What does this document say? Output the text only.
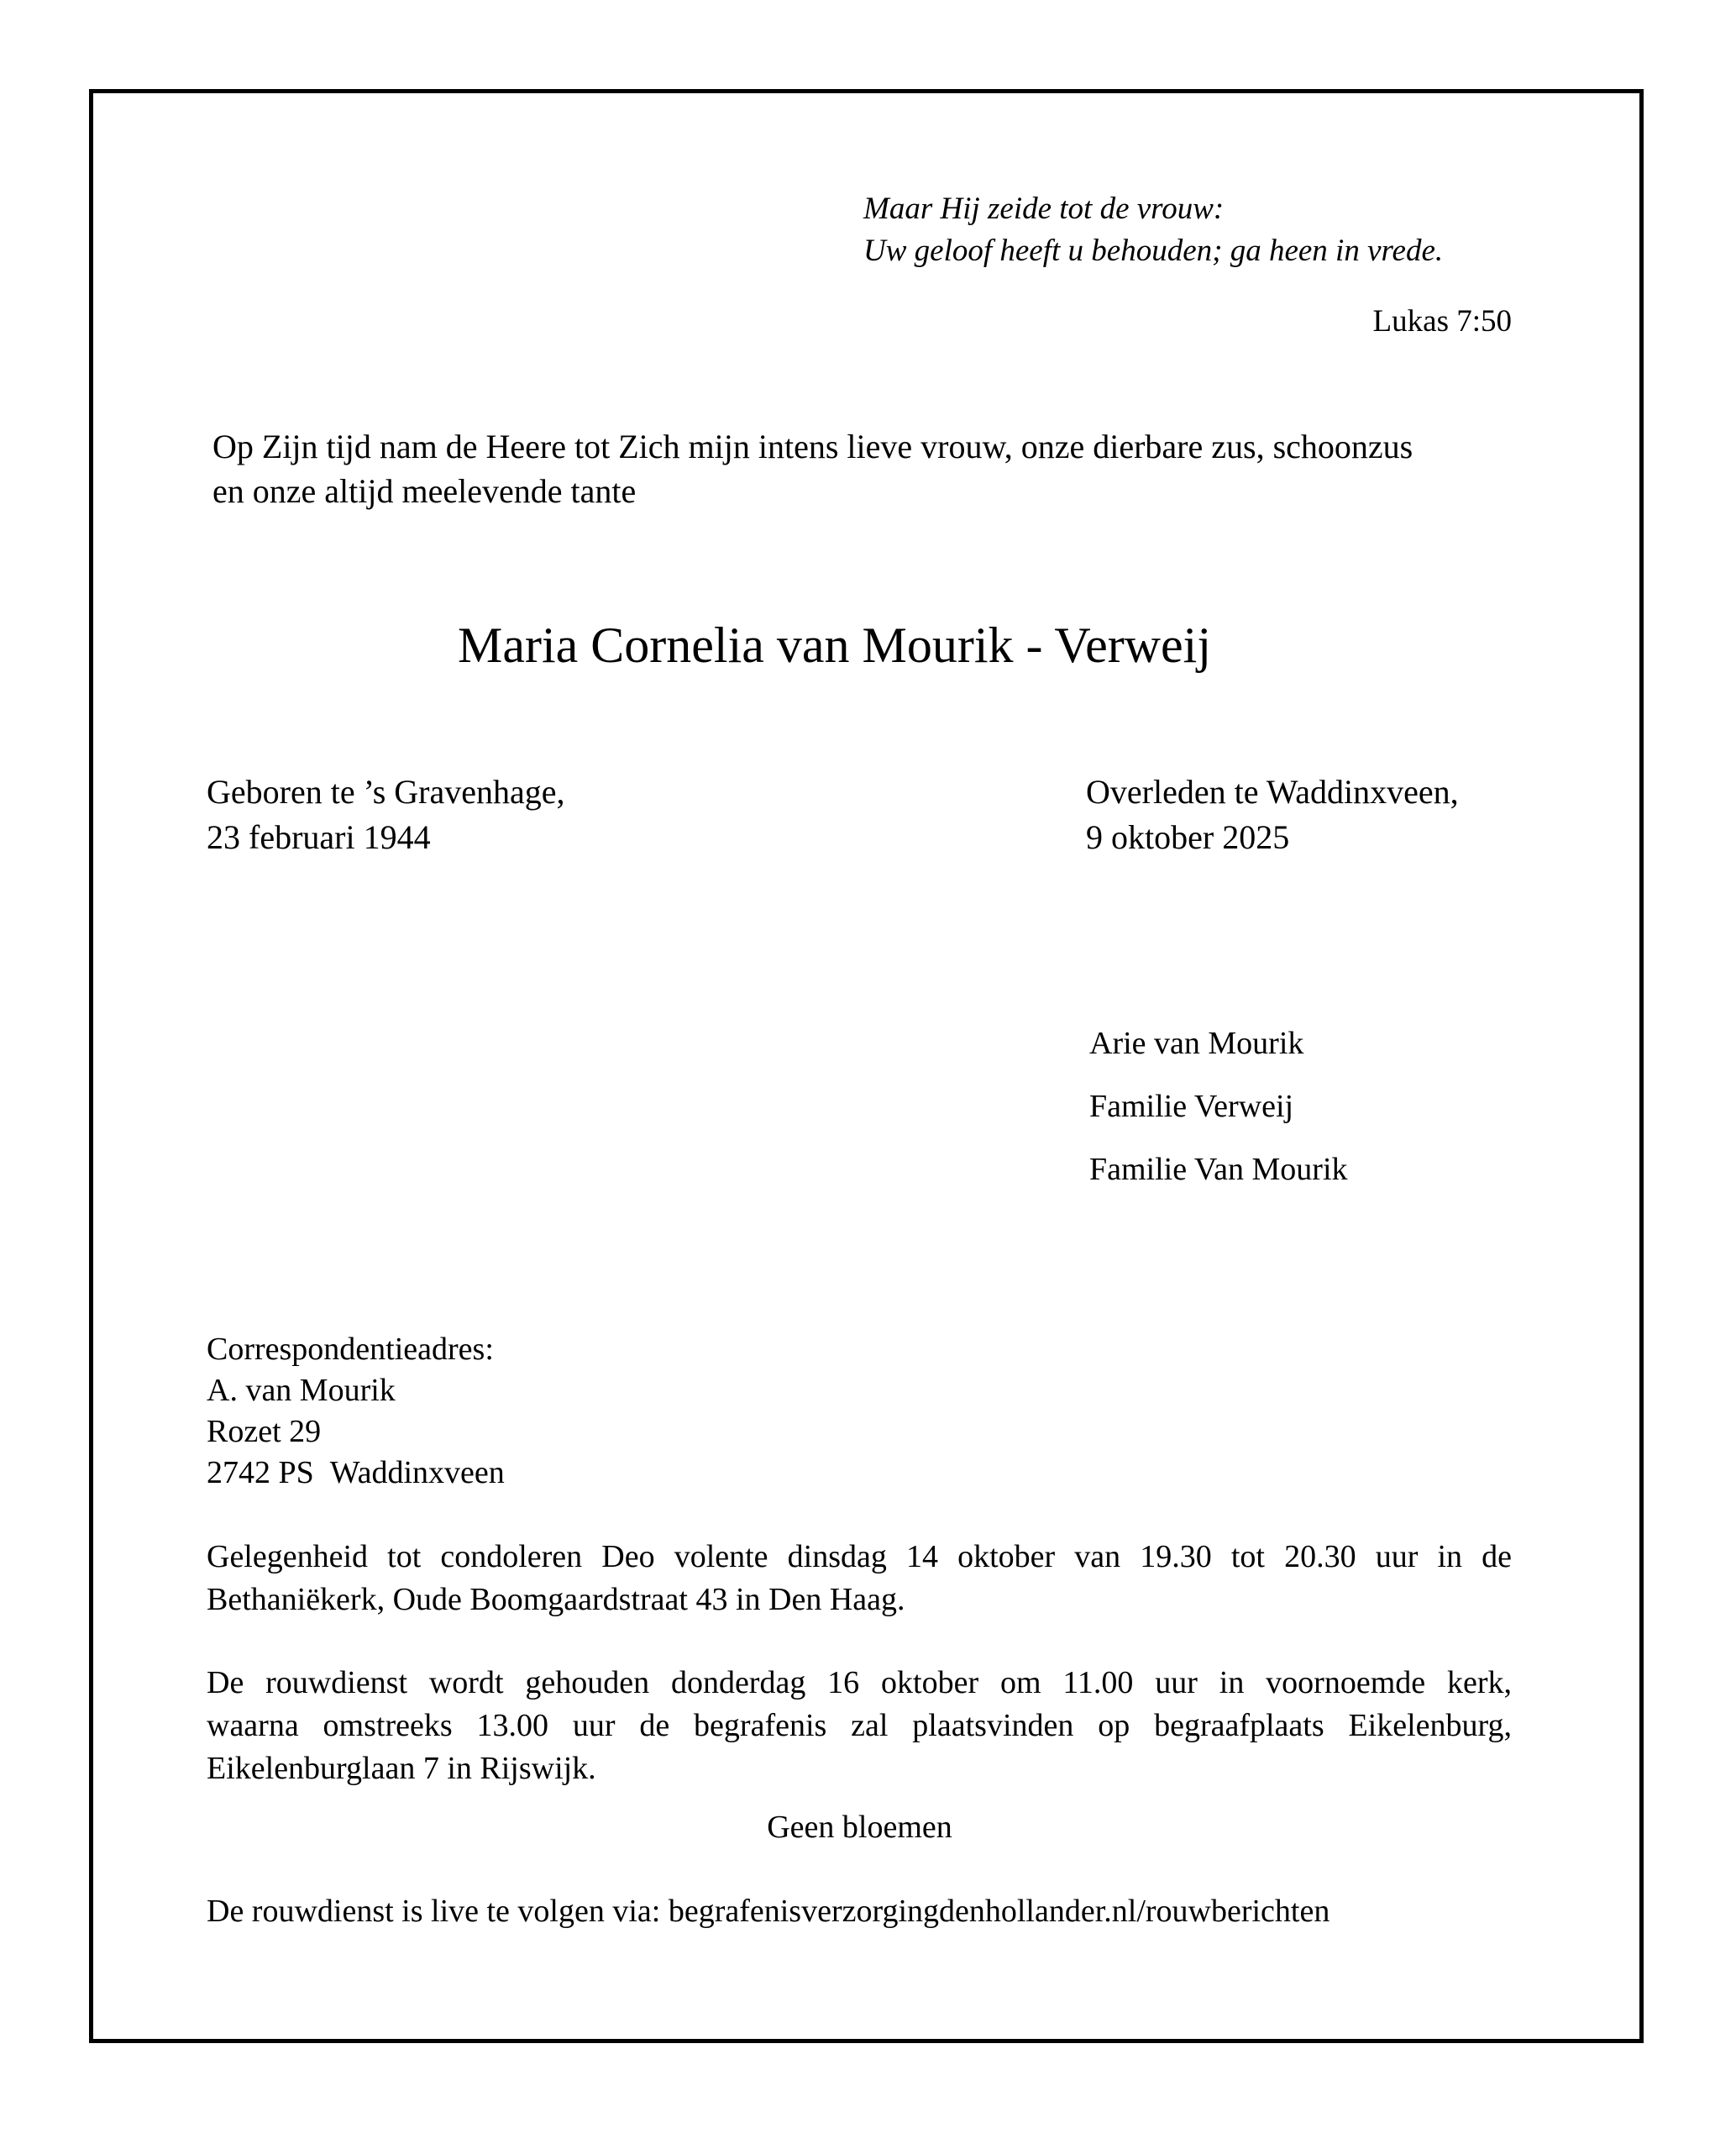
Maar Hij zeide tot de vrouw:
Uw geloof heeft u behouden; ga heen in vrede.
Lukas 7:50
Op Zijn tijd nam de Heere tot Zich mijn intens lieve vrouw, onze dierbare zus, schoonzus
en onze altijd meelevende tante
Maria Cornelia van Mourik - Verweij
Geboren te ’s Gravenhage,
23 februari 1944
Overleden te Waddinxveen,
9 oktober 2025
Arie van Mourik
Familie Verweij
Familie Van Mourik
Correspondentieadres:
A. van Mourik
Rozet 29
2742 PS  Waddinxveen
Gelegenheid tot condoleren Deo volente dinsdag 14 oktober van 19.30 tot 20.30 uur in de
Bethaniëkerk, Oude Boomgaardstraat 43 in Den Haag.
De rouwdienst wordt gehouden donderdag 16 oktober om 11.00 uur in voornoemde kerk,
waarna omstreeks 13.00 uur de begrafenis zal plaatsvinden op begraafplaats Eikelenburg,
Eikelenburglaan 7 in Rijswijk.
Geen bloemen
De rouwdienst is live te volgen via: begrafenisverzorgingdenhollander.nl/rouwberichten
